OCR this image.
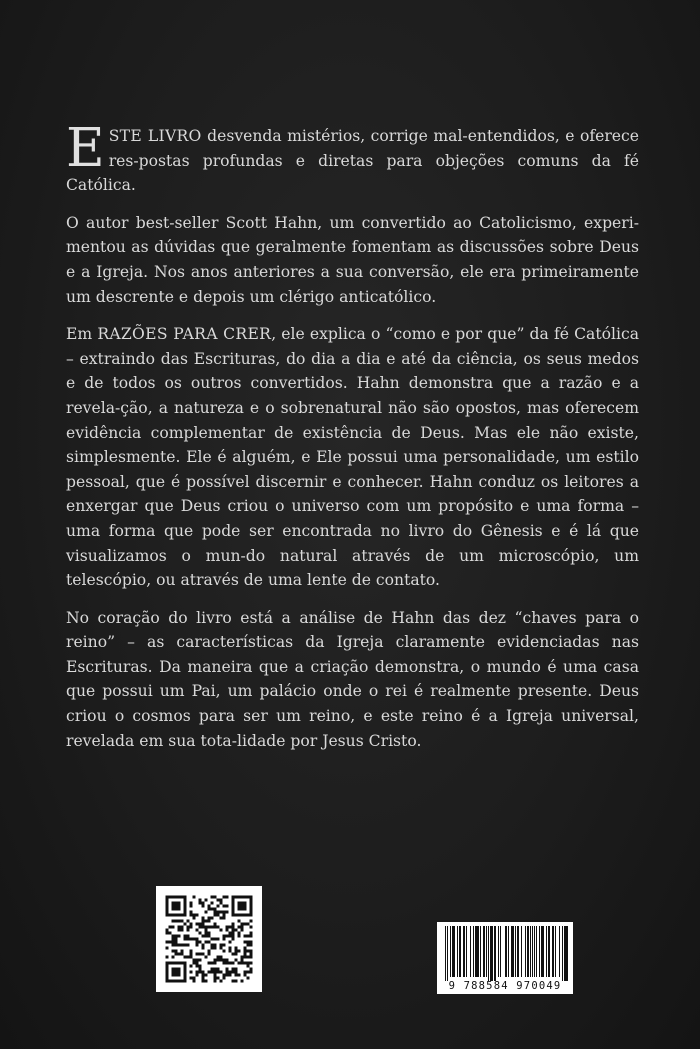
ESTE LIVRO desvenda mistérios, corrige mal-entendidos, e oferece res-postas profundas e diretas para objeções comuns da fé Católica.

O autor best-seller Scott Hahn, um convertido ao Catolicismo, experi-mentou as dúvidas que geralmente fomentam as discussões sobre Deus e a Igreja. Nos anos anteriores a sua conversão, ele era primeiramente um descrente e depois um clérigo anticatólico.

Em RAZÕES PARA CRER, ele explica o “como e por que” da fé Católica – extraindo das Escrituras, do dia a dia e até da ciência, os seus medos e de todos os outros convertidos. Hahn demonstra que a razão e a revela-ção, a natureza e o sobrenatural não são opostos, mas oferecem evidência complementar de existência de Deus. Mas ele não existe, simplesmente. Ele é alguém, e Ele possui uma personalidade, um estilo pessoal, que é possível discernir e conhecer. Hahn conduz os leitores a enxergar que Deus criou o universo com um propósito e uma forma – uma forma que pode ser encontrada no livro do Gênesis e é lá que visualizamos o mun-do natural através de um microscópio, um telescópio, ou através de uma lente de contato.

No coração do livro está a análise de Hahn das dez “chaves para o reino” – as características da Igreja claramente evidenciadas nas Escrituras. Da maneira que a criação demonstra, o mundo é uma casa que possui um Pai, um palácio onde o rei é realmente presente. Deus criou o cosmos para ser um reino, e este reino é a Igreja universal, revelada em sua tota-lidade por Jesus Cristo.

9 788584 970049
